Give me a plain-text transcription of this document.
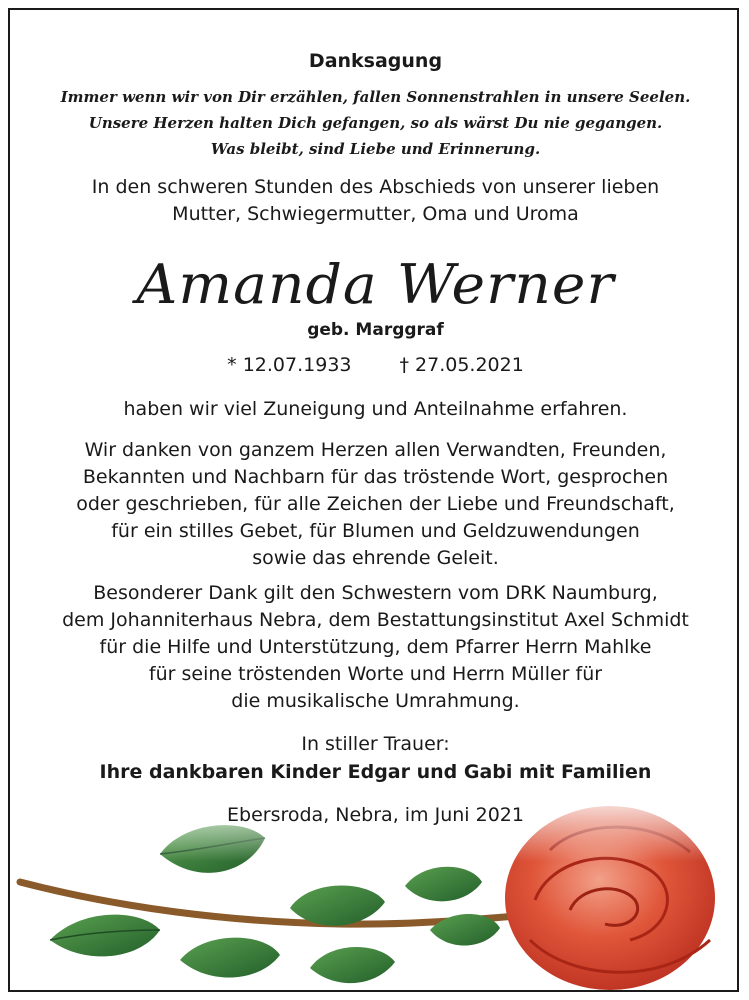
Danksagung
Immer wenn wir von Dir erzählen, fallen Sonnenstrahlen in unsere Seelen.
Unsere Herzen halten Dich gefangen, so als wärst Du nie gegangen.
Was bleibt, sind Liebe und Erinnerung.
In den schweren Stunden des Abschieds von unserer lieben
Mutter, Schwiegermutter, Oma und Uroma
Amanda Werner
geb. Marggraf
* 12.07.1933	† 27.05.2021
haben wir viel Zuneigung und Anteilnahme erfahren.
Wir danken von ganzem Herzen allen Verwandten, Freunden,
Bekannten und Nachbarn für das tröstende Wort, gesprochen
oder geschrieben, für alle Zeichen der Liebe und Freundschaft,
für ein stilles Gebet, für Blumen und Geldzuwendungen
sowie das ehrende Geleit.
Besonderer Dank gilt den Schwestern vom DRK Naumburg,
dem Johanniterhaus Nebra, dem Bestattungsinstitut Axel Schmidt
für die Hilfe und Unterstützung, dem Pfarrer Herrn Mahlke
für seine tröstenden Worte und Herrn Müller für
die musikalische Umrahmung.
In stiller Trauer:
Ihre dankbaren Kinder Edgar und Gabi mit Familien
Ebersroda, Nebra, im Juni 2021
